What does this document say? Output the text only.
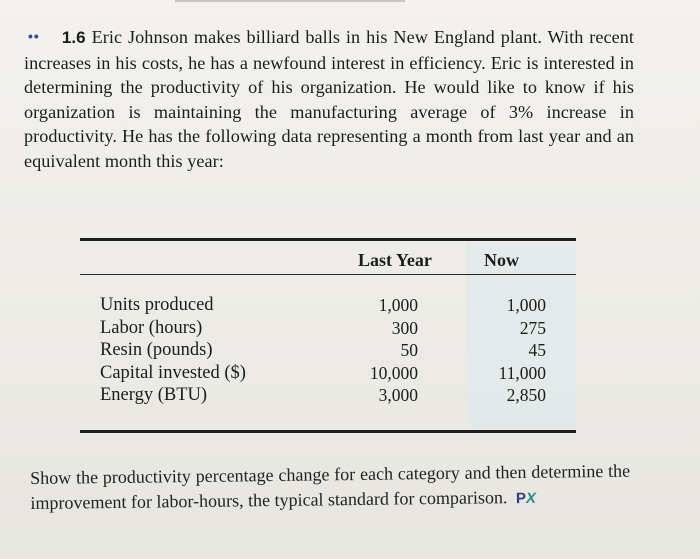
•• 1.6 Eric Johnson makes billiard balls in his New England plant. With recent increases in his costs, he has a newfound interest in efficiency. Eric is interested in determining the productivity of his organization. He would like to know if his organization is maintaining the manufacturing average of 3% increase in productivity. He has the following data representing a month from last year and an equivalent month this year:
Last Year	Now
Units produced
Labor (hours)
Resin (pounds)
Capital invested ($)
Energy (BTU)
1,000
300
50
10,000
3,000
1,000
275
45
11,000
2,850
Show the productivity percentage change for each category and then determine the improvement for labor-hours, the typical standard for comparison. PX
